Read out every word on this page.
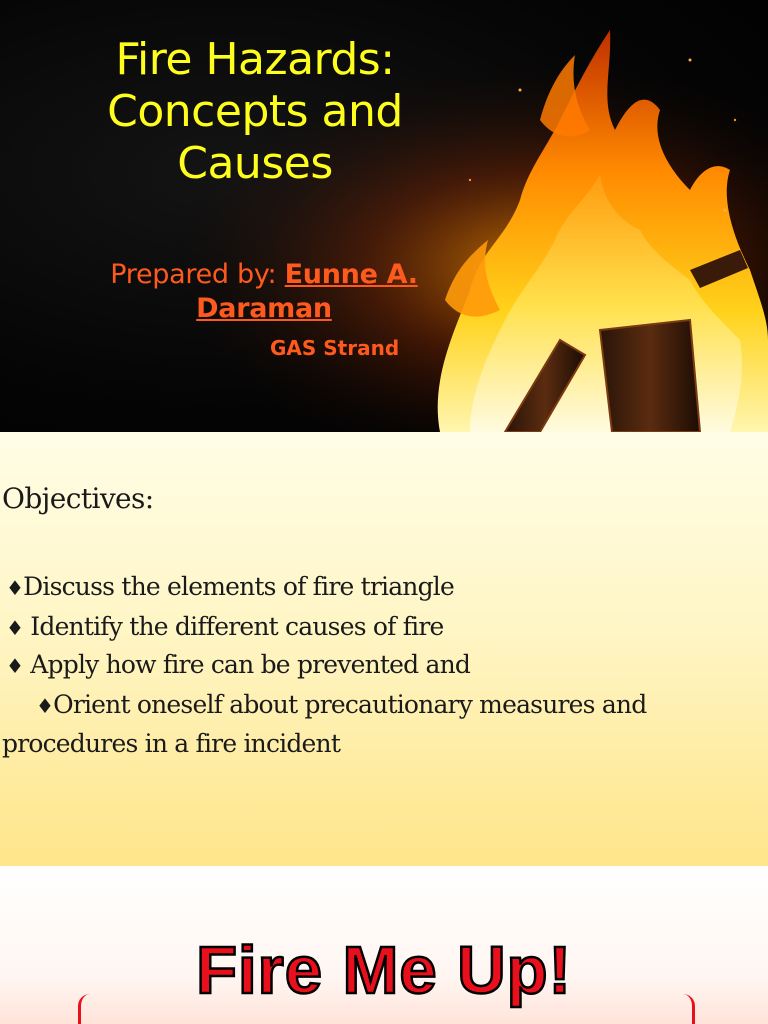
Fire Hazards:
Concepts and
Causes
Prepared by: Eunne A. Daraman
GAS Strand
Objectives:
♦Discuss the elements of fire triangle
♦ Identify the different causes of fire
♦ Apply how fire can be prevented and
♦Orient oneself about precautionary measures and
procedures in a fire incident
Fire Me Up!
